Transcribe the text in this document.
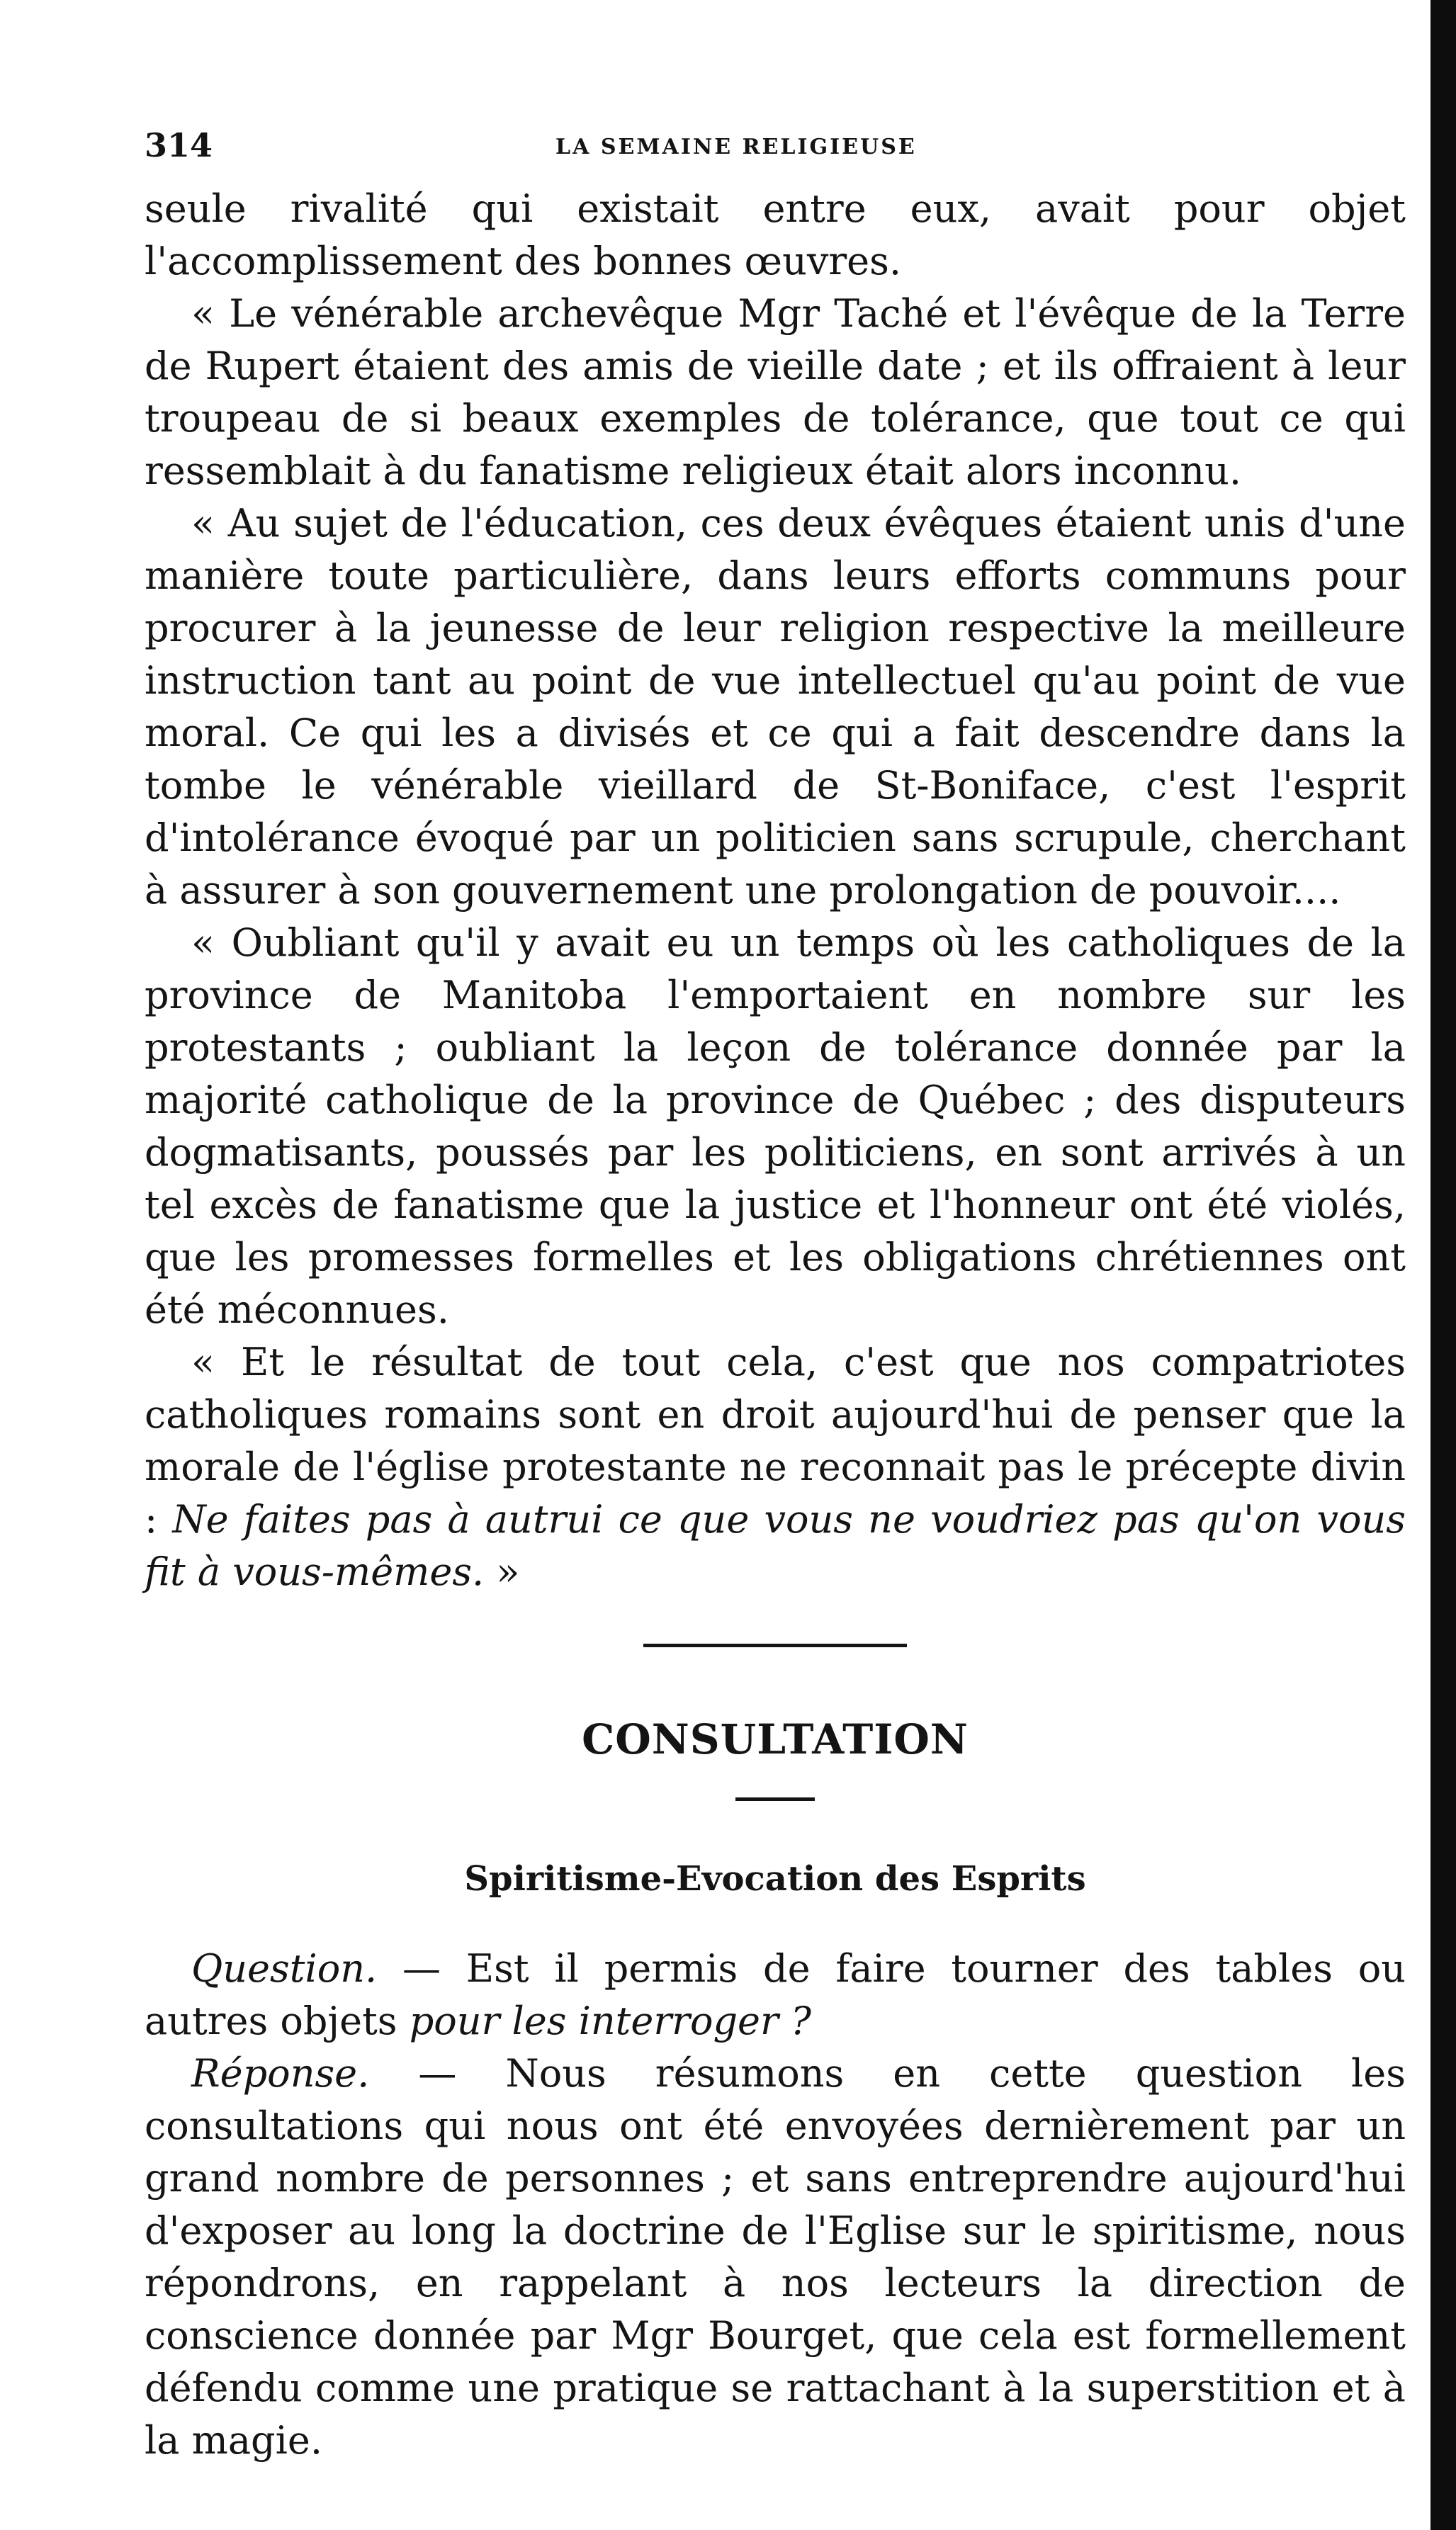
314	LA SEMAINE RELIGIEUSE

seule rivalité qui existait entre eux, avait pour objet l'accomplissement des bonnes œuvres.

« Le vénérable archevêque Mgr Taché et l'évêque de la Terre de Rupert étaient des amis de vieille date ; et ils offraient à leur troupeau de si beaux exemples de tolérance, que tout ce qui ressemblait à du fanatisme religieux était alors inconnu.

« Au sujet de l'éducation, ces deux évêques étaient unis d'une manière toute particulière, dans leurs efforts communs pour procurer à la jeunesse de leur religion respective la meilleure instruction tant au point de vue intellectuel qu'au point de vue moral. Ce qui les a divisés et ce qui a fait descendre dans la tombe le vénérable vieillard de St-Boniface, c'est l'esprit d'intolérance évoqué par un politicien sans scrupule, cherchant à assurer à son gouvernement une prolongation de pouvoir....

« Oubliant qu'il y avait eu un temps où les catholiques de la province de Manitoba l'emportaient en nombre sur les protestants ; oubliant la leçon de tolérance donnée par la majorité catholique de la province de Québec ; des disputeurs dogmatisants, poussés par les politiciens, en sont arrivés à un tel excès de fanatisme que la justice et l'honneur ont été violés, que les promesses formelles et les obligations chrétiennes ont été méconnues.

« Et le résultat de tout cela, c'est que nos compatriotes catholiques romains sont en droit aujourd'hui de penser que la morale de l'église protestante ne reconnait pas le précepte divin : Ne faites pas à autrui ce que vous ne voudriez pas qu'on vous fit à vous-mêmes. »

CONSULTATION
Spiritisme-Evocation des Esprits

Question. — Est il permis de faire tourner des tables ou autres objets pour les interroger ?

Réponse. — Nous résumons en cette question les consultations qui nous ont été envoyées dernièrement par un grand nombre de personnes ; et sans entreprendre aujourd'hui d'exposer au long la doctrine de l'Eglise sur le spiritisme, nous répondrons, en rappelant à nos lecteurs la direction de conscience donnée par Mgr Bourget, que cela est formellement défendu comme une pratique se rattachant à la superstition et à la magie.
